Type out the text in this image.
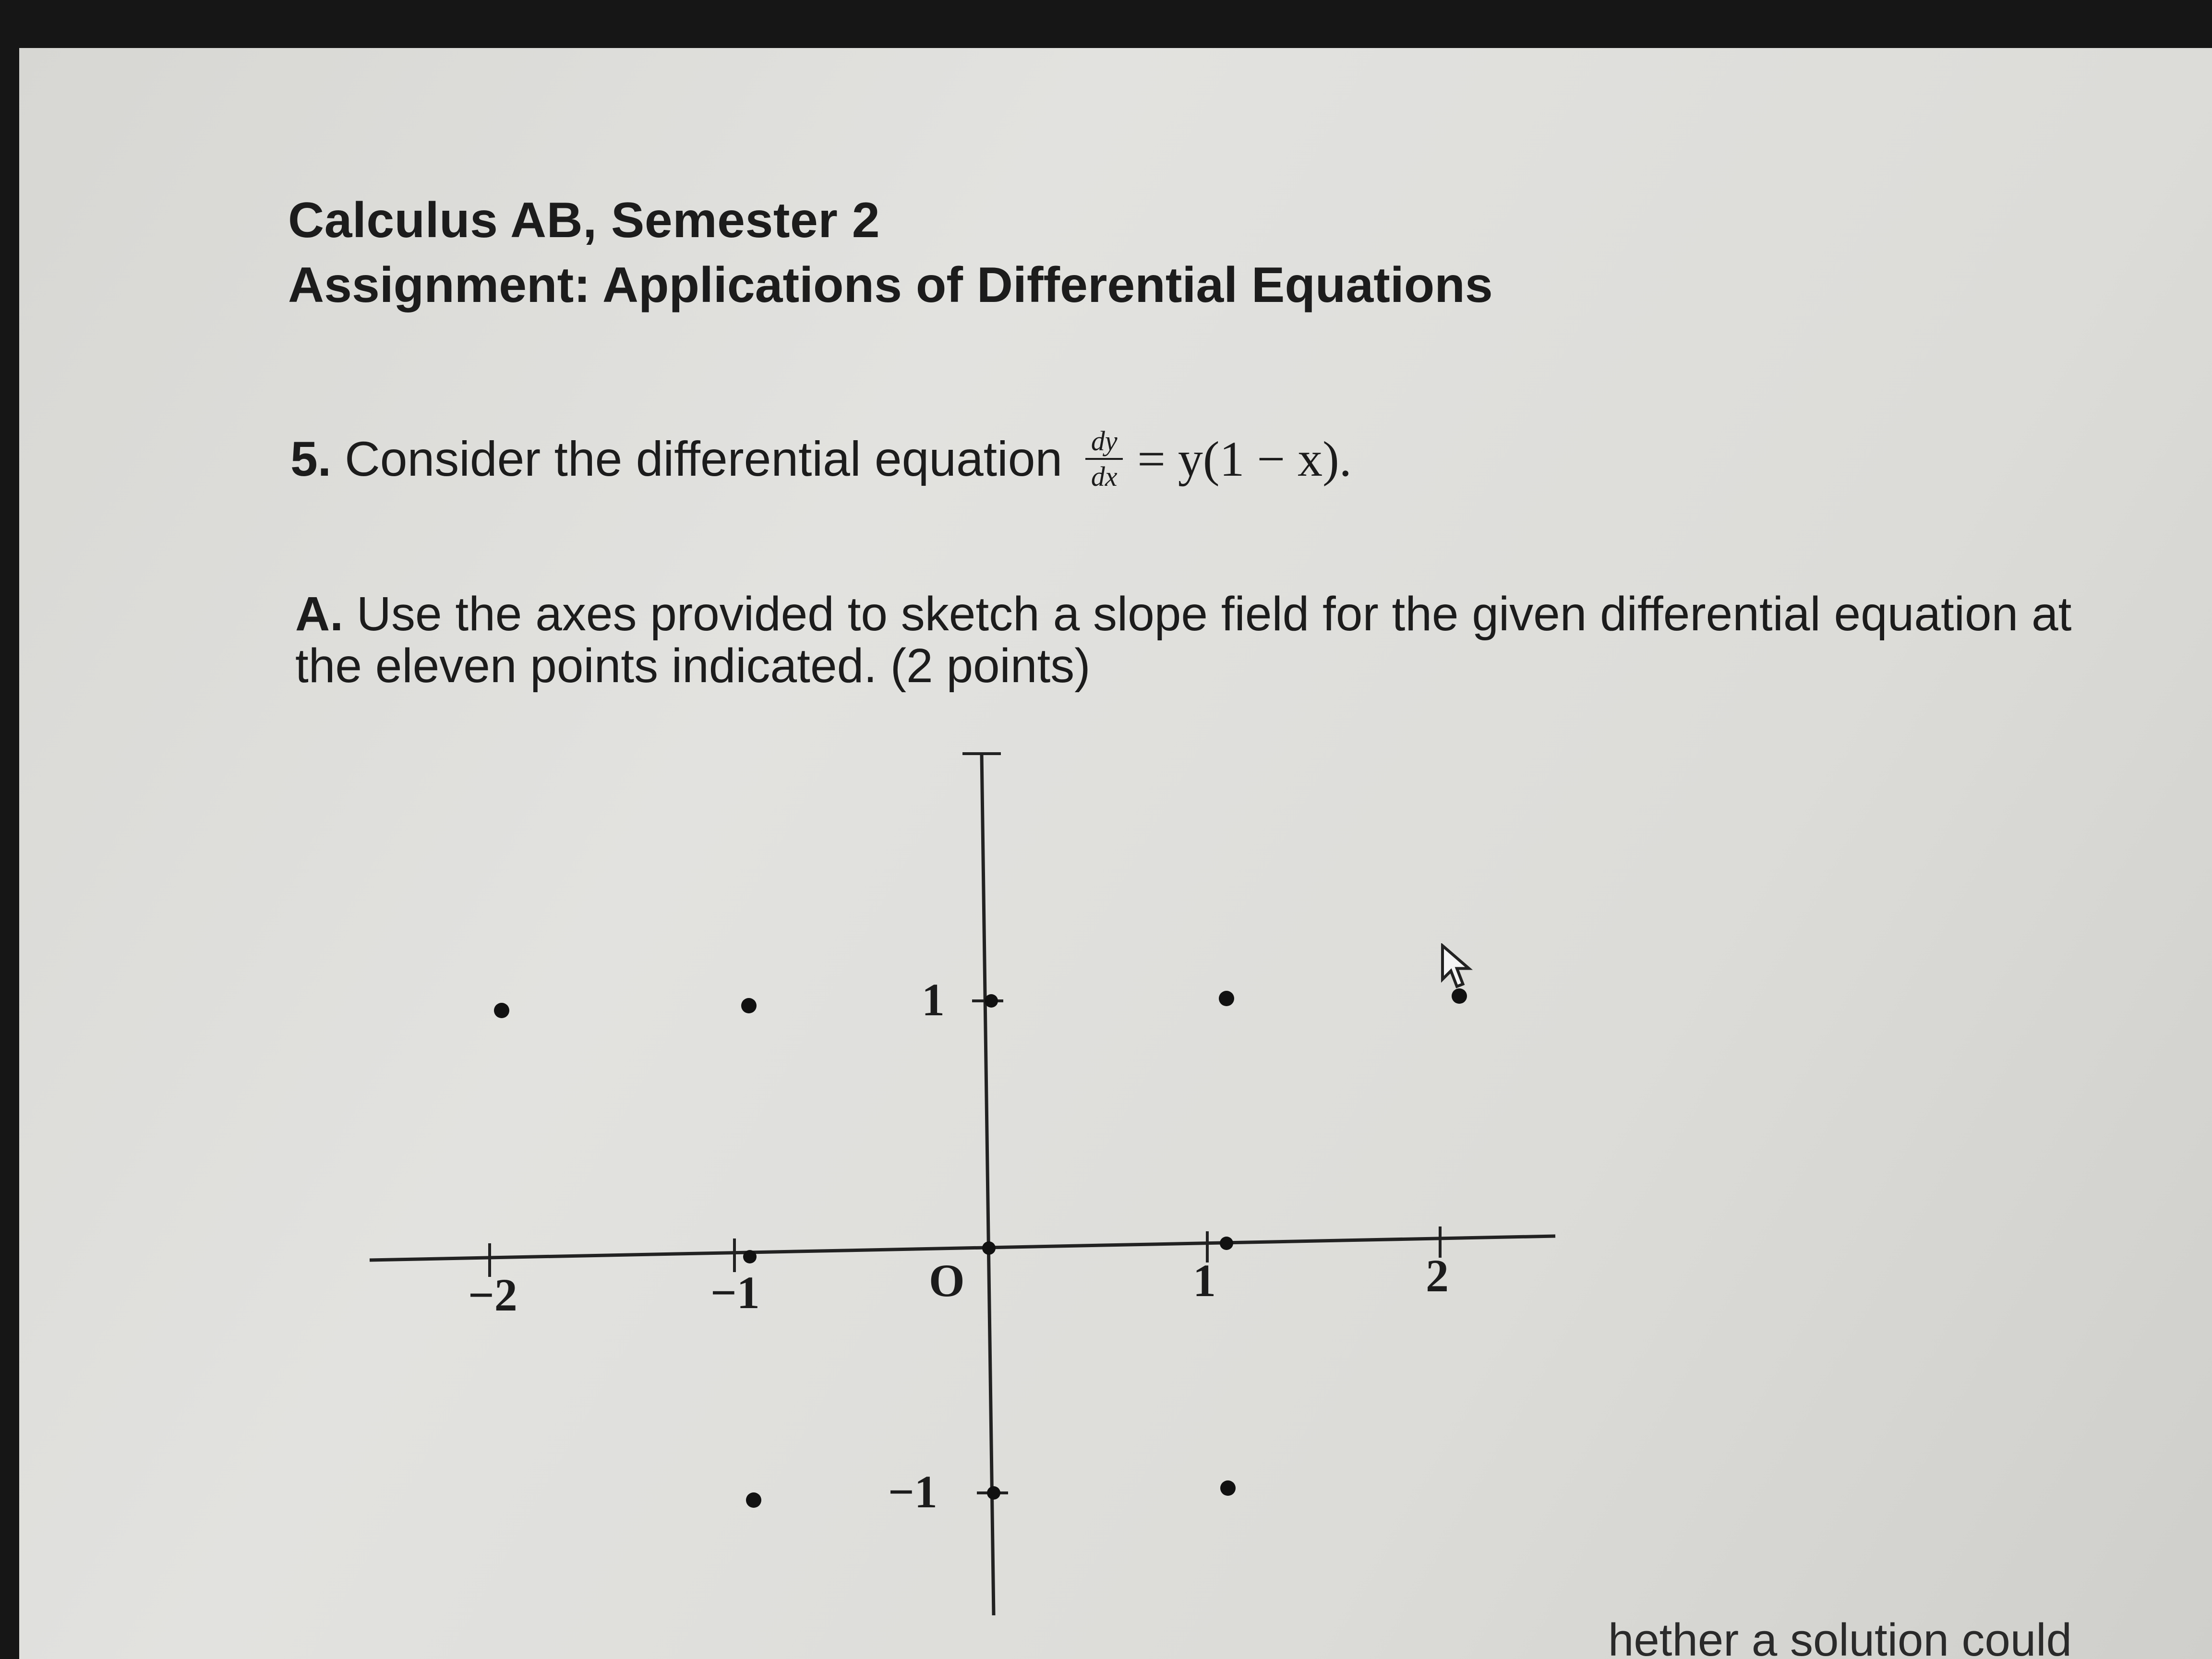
Calculus AB, Semester 2
Assignment: Applications of Differential Equations
5. Consider the differential equation $\frac{dy}{dx} = y(1 - x)$.
A. Use the axes provided to sketch a slope field for the given differential equation at the eleven points indicated. (2 points)
−2	−1	O	1	2
1
−1
hether a solution could
